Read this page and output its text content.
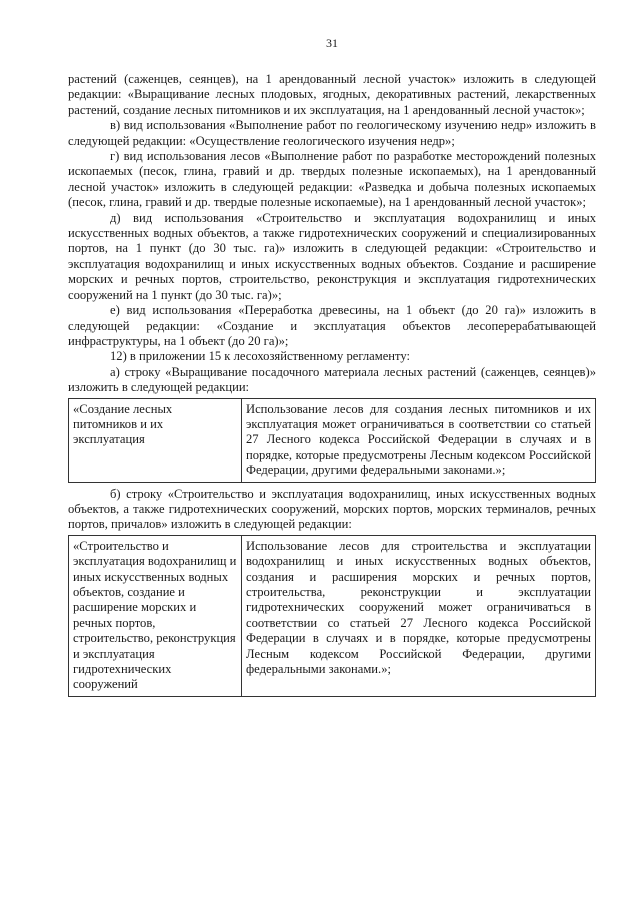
31

растений (саженцев, сеянцев), на 1 арендованный лесной участок» изложить в следующей редакции: «Выращивание лесных плодовых, ягодных, декоративных растений, лекарственных растений, создание лесных питомников и их эксплуатация, на 1 арендованный лесной участок»;

в) вид использования «Выполнение работ по геологическому изучению недр» изложить в следующей редакции: «Осуществление геологического изучения недр»;

г) вид использования лесов «Выполнение работ по разработке месторождений полезных ископаемых (песок, глина, гравий и др. твердых полезные ископаемых), на 1 арендованный лесной участок» изложить в следующей редакции: «Разведка и добыча полезных ископаемых (песок, глина, гравий и др. твердые полезные ископаемые), на 1 арендованный лесной участок»;

д) вид использования «Строительство и эксплуатация водохранилищ и иных искусственных водных объектов, а также гидротехнических сооружений и специализированных портов, на 1 пункт (до 30 тыс. га)» изложить в следующей редакции: «Строительство и эксплуатация водохранилищ и иных искусственных водных объектов. Создание и расширение морских и речных портов, строительство, реконструкция и эксплуатация гидротехнических сооружений на 1 пункт (до 30 тыс. га)»;

е) вид использования «Переработка древесины, на 1 объект (до 20 га)» изложить в следующей редакции: «Создание и эксплуатация объектов лесоперерабатывающей инфраструктуры, на 1 объект (до 20 га)»;

12) в приложении 15 к лесохозяйственному регламенту:

а) строку «Выращивание посадочного материала лесных растений (саженцев, сеянцев)» изложить в следующей редакции:

«Создание лесных питомников и их эксплуатация	Использование лесов для создания лесных питомников и их эксплуатация может ограничиваться в соответствии со статьей 27 Лесного кодекса Российской Федерации в случаях и в порядке, которые предусмотрены Лесным кодексом Российской Федерации, другими федеральными законами.»;

б) строку «Строительство и эксплуатация водохранилищ, иных искусственных водных объектов, а также гидротехнических сооружений, морских портов, морских терминалов, речных портов, причалов» изложить в следующей редакции:

«Строительство и эксплуатация водохранилищ и иных искусственных водных объектов, создание и расширение морских и речных портов, строительство, реконструкция и эксплуатация гидротехнических сооружений	Использование лесов для строительства и эксплуатации водохранилищ и иных искусственных водных объектов, создания и расширения морских и речных портов, строительства, реконструкции и эксплуатации гидротехнических сооружений может ограничиваться в соответствии со статьей 27 Лесного кодекса Российской Федерации в случаях и в порядке, которые предусмотрены Лесным кодексом Российской Федерации, другими федеральными законами.»;
